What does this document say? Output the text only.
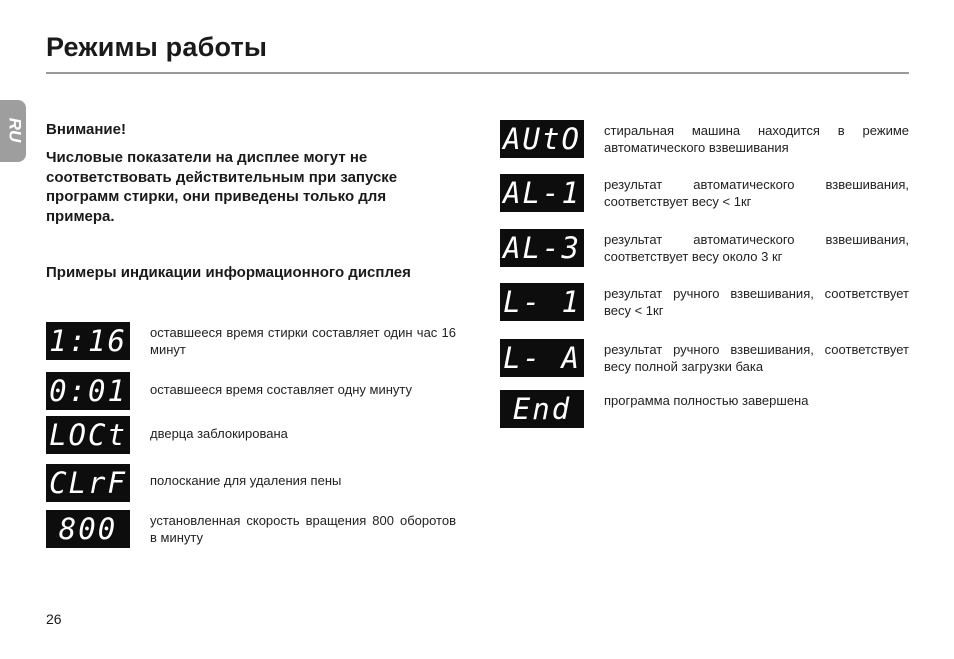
Режимы работы
RU Внимание!
Числовые показатели на дисплее могут не соответствовать действительным при запуске программ стирки, они приведены только для примера.
Примеры индикации информационного дисплея
1:16 оставшееся время стирки составляет один час 16 минут
0:01 оставшееся время составляет одну минуту
LOCt дверца заблокирована
CLrF полоскание для удаления пены
800	установленная скорость вращения 800 оборотов в минуту
AUtO стиральная машина находится в режиме автоматического взвешивания
AL-1 результат автоматического взвешивания, соответствует весу < 1кг
AL-3 результат автоматического взвешивания, соответствует весу около 3 кг
L- 1 результат ручного взвешивания, соответствует весу < 1кг
L- A результат ручного взвешивания, соответствует весу полной загрузки бака
End	программа полностью завершена
26
